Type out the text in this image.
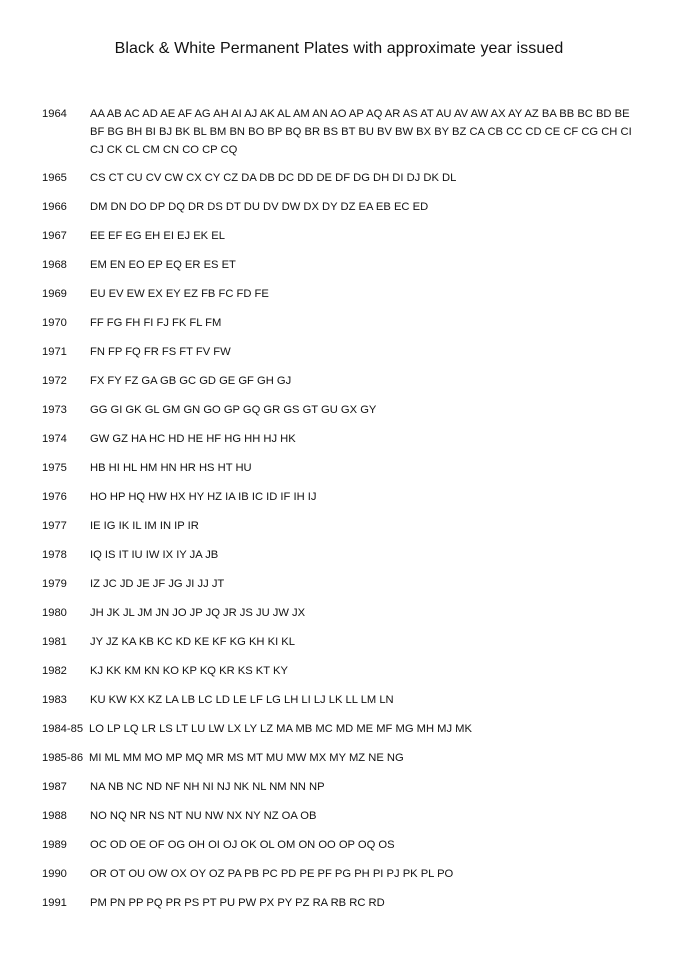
Black & White Permanent Plates with approximate year issued
1964 AA AB AC AD AE AF AG AH AI AJ AK AL AM AN AO AP AQ AR AS AT AU AV AW AX AY AZ BA BB BC BD BE BF BG BH BI BJ BK BL BM BN BO BP BQ BR BS BT BU BV BW BX BY BZ CA CB CC CD CE CF CG CH CI CJ CK CL CM CN CO CP CQ
1965 CS CT CU CV CW CX CY CZ DA DB DC DD DE DF DG DH DI DJ DK DL
1966 DM DN DO DP DQ DR DS DT DU DV DW DX DY DZ EA EB EC ED
1967 EE EF EG EH EI EJ EK EL
1968 EM EN EO EP EQ ER ES ET
1969 EU EV EW EX EY EZ FB FC FD FE
1970 FF FG FH FI FJ FK FL FM
1971 FN FP FQ FR FS FT FV FW
1972 FX FY FZ GA GB GC GD GE GF GH GJ
1973 GG GI GK GL GM GN GO GP GQ GR GS GT GU GX GY
1974 GW GZ HA HC HD HE HF HG HH HJ HK
1975 HB HI HL HM HN HR HS HT HU
1976 HO HP HQ HW HX HY HZ IA IB IC ID IF IH IJ
1977 IE IG IK IL IM IN IP IR
1978 IQ IS IT IU IW IX IY JA JB
1979 IZ JC JD JE JF JG JI JJ JT
1980 JH JK JL JM JN JO JP JQ JR JS JU JW JX
1981 JY JZ KA KB KC KD KE KF KG KH KI KL
1982 KJ KK KM KN KO KP KQ KR KS KT KY
1983 KU KW KX KZ LA LB LC LD LE LF LG LH LI LJ LK LL LM LN
1984-85 LO LP LQ LR LS LT LU LW LX LY LZ MA MB MC MD ME MF MG MH MJ MK
1985-86 MI ML MM MO MP MQ MR MS MT MU MW MX MY MZ NE NG
1987 NA NB NC ND NF NH NI NJ NK NL NM NN NP
1988 NO NQ NR NS NT NU NW NX NY NZ OA OB
1989 OC OD OE OF OG OH OI OJ OK OL OM ON OO OP OQ OS
1990 OR OT OU OW OX OY OZ PA PB PC PD PE PF PG PH PI PJ PK PL PO
1991 PM PN PP PQ PR PS PT PU PW PX PY PZ RA RB RC RD
